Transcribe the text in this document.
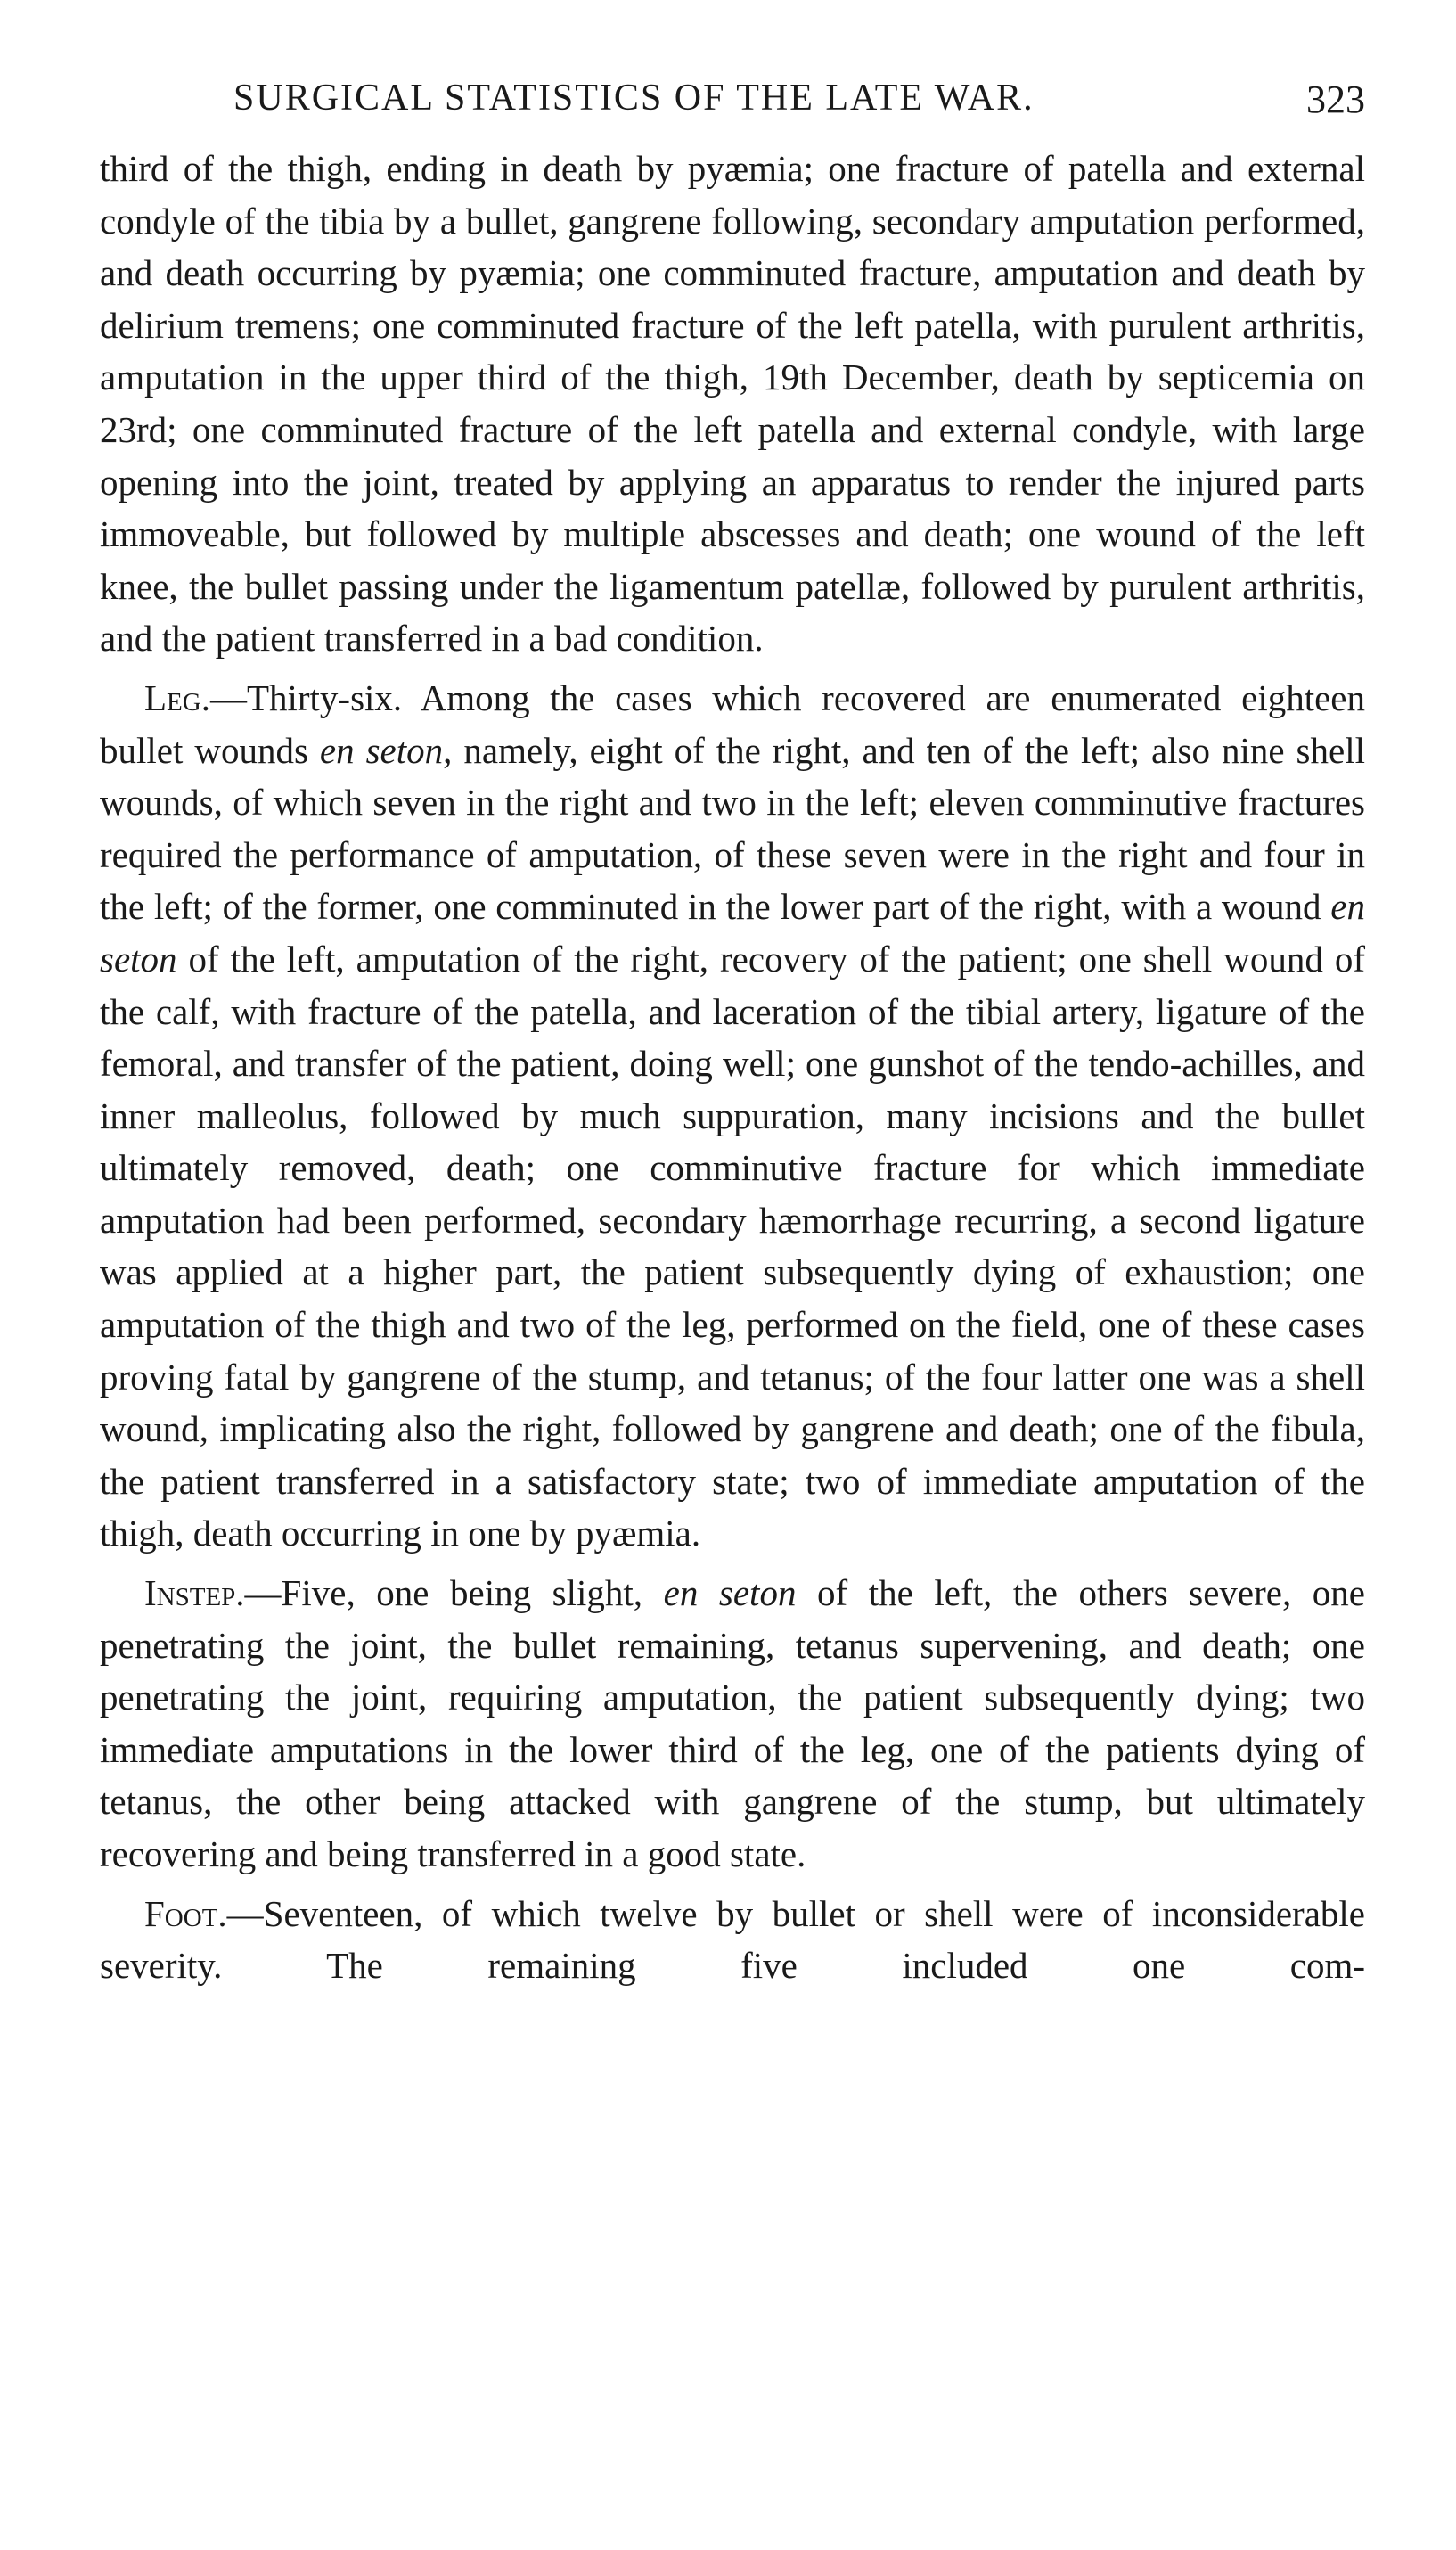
SURGICAL STATISTICS OF THE LATE WAR.	323

third of the thigh, ending in death by pyæmia; one fracture of patella and external condyle of the tibia by a bullet, gangrene following, secondary amputation performed, and death occurring by pyæmia; one comminuted fracture, amputation and death by delirium tremens; one comminuted fracture of the left patella, with purulent arthritis, amputation in the upper third of the thigh, 19th December, death by septicemia on 23rd; one comminuted fracture of the left patella and external condyle, with large opening into the joint, treated by applying an apparatus to render the injured parts immoveable, but followed by multiple abscesses and death; one wound of the left knee, the bullet passing under the ligamentum patellæ, followed by purulent arthritis, and the patient transferred in a bad condition.

Leg.—Thirty-six. Among the cases which recovered are enumerated eighteen bullet wounds en seton, namely, eight of the right, and ten of the left; also nine shell wounds, of which seven in the right and two in the left; eleven comminutive fractures required the performance of amputation, of these seven were in the right and four in the left; of the former, one comminuted in the lower part of the right, with a wound en seton of the left, amputation of the right, recovery of the patient; one shell wound of the calf, with fracture of the patella, and laceration of the tibial artery, ligature of the femoral, and transfer of the patient, doing well; one gunshot of the tendo-achilles, and inner malleolus, followed by much suppuration, many incisions and the bullet ultimately removed, death; one comminutive fracture for which immediate amputation had been performed, secondary hæmorrhage recurring, a second ligature was applied at a higher part, the patient subsequently dying of exhaustion; one amputation of the thigh and two of the leg, performed on the field, one of these cases proving fatal by gangrene of the stump, and tetanus; of the four latter one was a shell wound, implicating also the right, followed by gangrene and death; one of the fibula, the patient transferred in a satisfactory state; two of immediate amputation of the thigh, death occurring in one by pyæmia.

Instep.—Five, one being slight, en seton of the left, the others severe, one penetrating the joint, the bullet remaining, tetanus supervening, and death; one penetrating the joint, requiring amputation, the patient subsequently dying; two immediate amputations in the lower third of the leg, one of the patients dying of tetanus, the other being attacked with gangrene of the stump, but ultimately recovering and being transferred in a good state.

Foot.—Seventeen, of which twelve by bullet or shell were of inconsiderable severity. The remaining five included one com-
